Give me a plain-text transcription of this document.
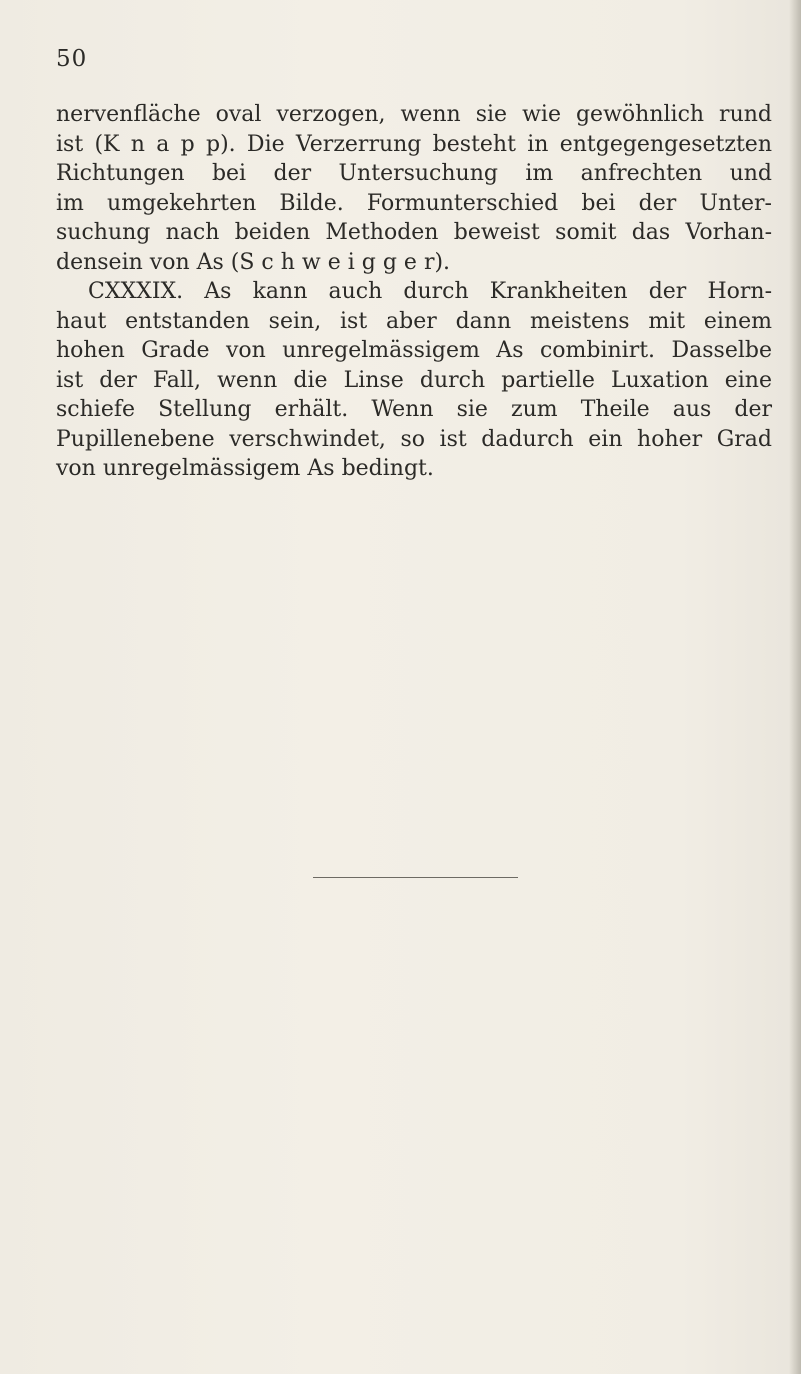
50
nervenfläche oval verzogen, wenn sie wie gewöhnlich rund
ist (K n a p p). Die Verzerrung besteht in entgegengesetzten
Richtungen bei der Untersuchung im anfrechten und
im umgekehrten Bilde. Formunterschied bei der Unter-
suchung nach beiden Methoden beweist somit das Vorhan-
densein von As (S c h w e i g g e r).
CXXXIX. As kann auch durch Krankheiten der Horn-
haut entstanden sein, ist aber dann meistens mit einem
hohen Grade von unregelmässigem As combinirt. Dasselbe
ist der Fall, wenn die Linse durch partielle Luxation eine
schiefe Stellung erhält. Wenn sie zum Theile aus der
Pupillenebene verschwindet, so ist dadurch ein hoher Grad
von unregelmässigem As bedingt.
